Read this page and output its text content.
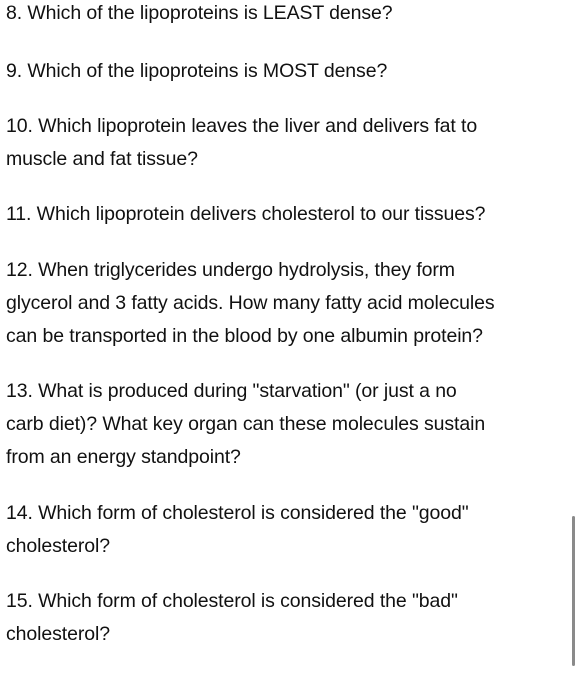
8. Which of the lipoproteins is LEAST dense?
9. Which of the lipoproteins is MOST dense?
10. Which lipoprotein leaves the liver and delivers fat to
muscle and fat tissue?
11. Which lipoprotein delivers cholesterol to our tissues?
12. When triglycerides undergo hydrolysis, they form
glycerol and 3 fatty acids. How many fatty acid molecules
can be transported in the blood by one albumin protein?
13. What is produced during "starvation" (or just a no
carb diet)? What key organ can these molecules sustain
from an energy standpoint?
14. Which form of cholesterol is considered the "good"
cholesterol?
15. Which form of cholesterol is considered the "bad"
cholesterol?
